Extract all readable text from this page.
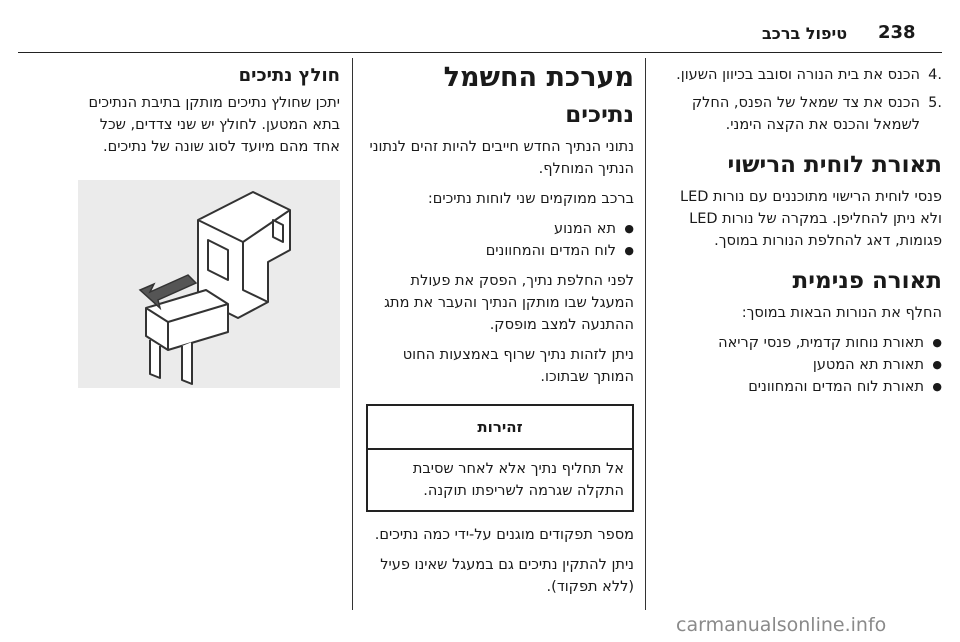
238
טיפול ברכב
.4
הכנס את בית הנורה וסובב בכיוון השעון.
.5
הכנס את צד שמאל של הפנס, החלק לשמאל והכנס את הקצה הימני.
תאורת לוחית הרישוי

פנסי לוחית הרישוי מתוכננים עם נורות LED ולא ניתן להחליפן. במקרה של נורות LED פגומות, דאג להחלפת הנורות במוסך.

תאורה פנימית

החלף את הנורות הבאות במוסך:

● תאורת נוחות קדמית, פנסי קריאה
● תאורת תא המטען
● תאורת לוח המדים והמחוונים
מערכת החשמל
נתיכים

נתוני הנתיך החדש חייבים להיות זהים לנתוני הנתיך המוחלף.

ברכב ממוקמים שני לוחות נתיכים:

● תא המנוע
● לוח המדים והמחוונים

לפני החלפת נתיך, הפסק את פעולת המעגל שבו מותקן הנתיך והעבר את מתג ההתנעה למצב מופסק.

ניתן לזהות נתיך שרוף באמצעות החוט המותך שבתוכו.

זהירות
אל תחליף נתיך אלא לאחר שסיבת התקלה שגרמה לשריפתו תוקנה.

מספר תפקודים מוגנים על-ידי כמה נתיכים.

ניתן להתקין נתיכים גם במעגל שאינו פעיל (ללא תפקוד).

חולץ נתיכים

יתכן שחולץ נתיכים מותקן בתיבת הנתיכים בתא המטען. לחולץ יש שני צדדים, שכל אחד מהם מיועד לסוג שונה של נתיכים.

carmanualsonline.info
